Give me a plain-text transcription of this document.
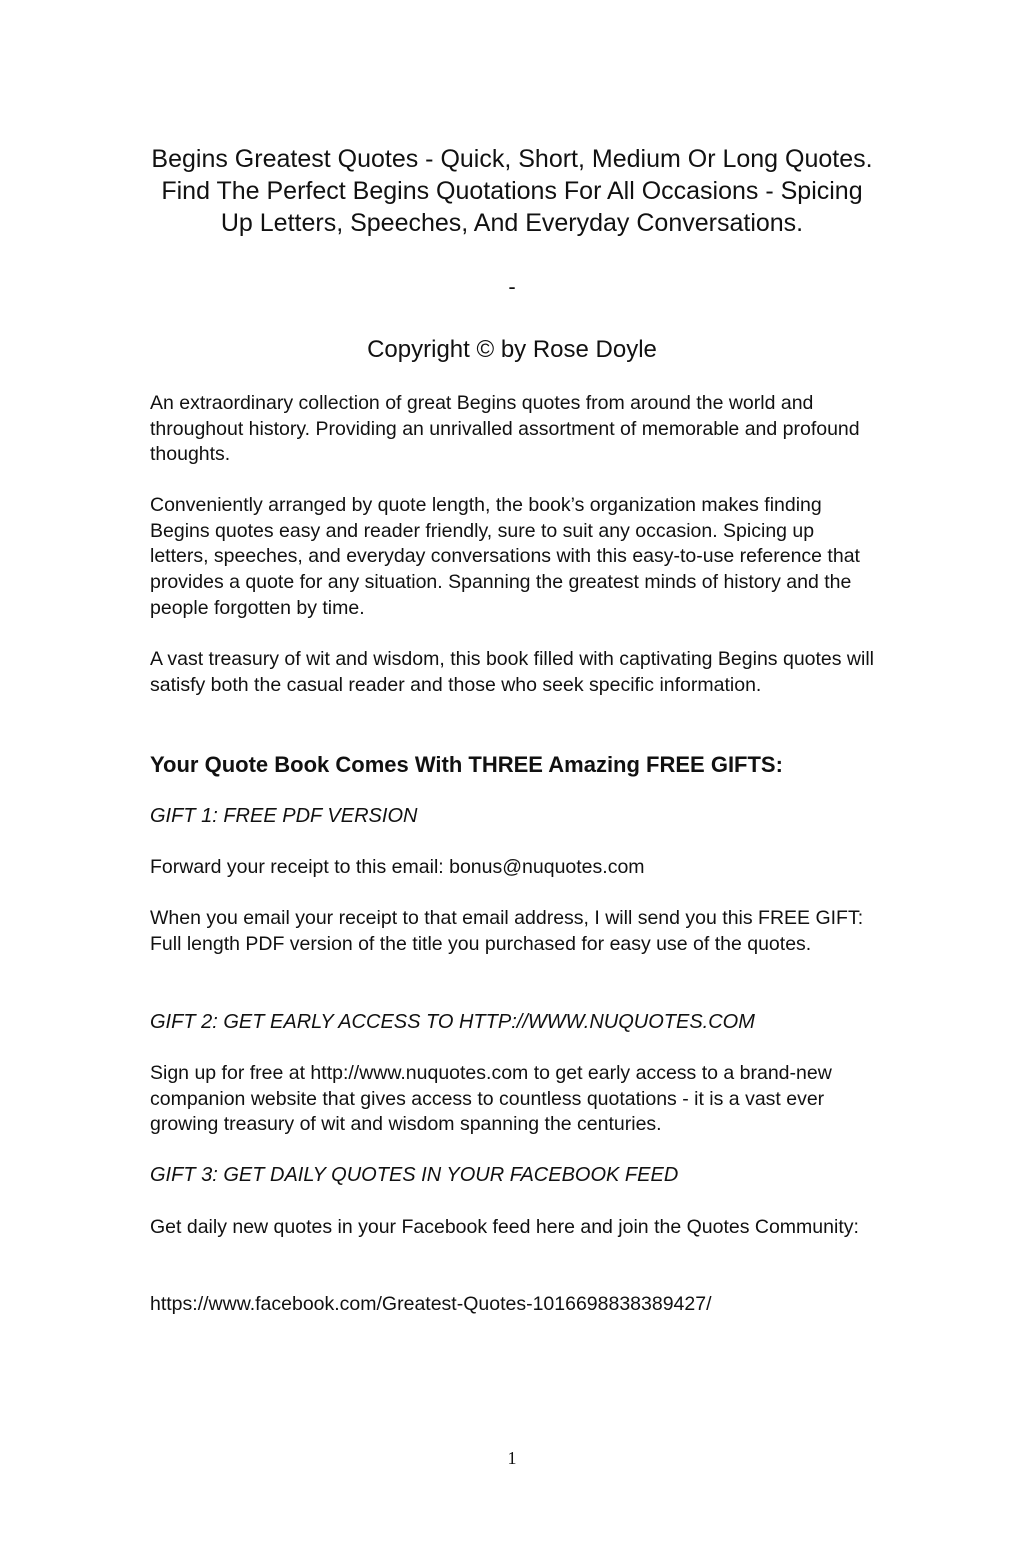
Begins Greatest Quotes - Quick, Short, Medium Or Long Quotes. Find The Perfect Begins Quotations For All Occasions - Spicing Up Letters, Speeches, And Everyday Conversations.
-
Copyright © by Rose Doyle

An extraordinary collection of great Begins quotes from around the world and throughout history. Providing an unrivalled assortment of memorable and profound thoughts.

Conveniently arranged by quote length, the book’s organization makes finding Begins quotes easy and reader friendly, sure to suit any occasion. Spicing up letters, speeches, and everyday conversations with this easy-to-use reference that provides a quote for any situation. Spanning the greatest minds of history and the people forgotten by time.

A vast treasury of wit and wisdom, this book filled with captivating Begins quotes will satisfy both the casual reader and those who seek specific information.

Your Quote Book Comes With THREE Amazing FREE GIFTS:

GIFT 1: FREE PDF VERSION

Forward your receipt to this email: bonus@nuquotes.com

When you email your receipt to that email address, I will send you this FREE GIFT: Full length PDF version of the title you purchased for easy use of the quotes.

GIFT 2: GET EARLY ACCESS TO HTTP://WWW.NUQUOTES.COM

Sign up for free at http://www.nuquotes.com to get early access to a brand-new companion website that gives access to countless quotations - it is a vast ever growing treasury of wit and wisdom spanning the centuries.

GIFT 3: GET DAILY QUOTES IN YOUR FACEBOOK FEED

Get daily new quotes in your Facebook feed here and join the Quotes Community:

https://www.facebook.com/Greatest-Quotes-1016698838389427/

1
